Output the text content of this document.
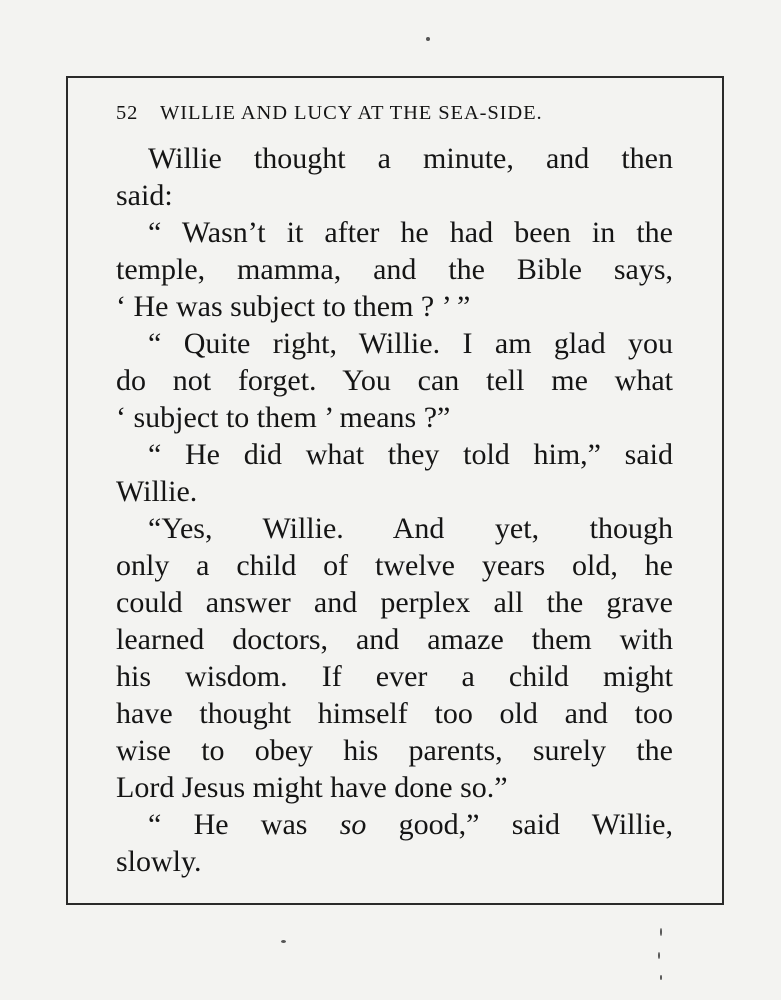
52 WILLIE AND LUCY AT THE SEA-SIDE.
Willie thought a minute, and then
said:
“ Wasn’t it after he had been in the
temple, mamma, and the Bible says,
‘ He was subject to them ? ’ ”
“ Quite right, Willie. I am glad you
do not forget. You can tell me what
‘ subject to them ’ means ?”
“ He did what they told him,” said
Willie.
“Yes, Willie. And yet, though
only a child of twelve years old, he
could answer and perplex all the grave
learned doctors, and amaze them with
his wisdom. If ever a child might
have thought himself too old and too
wise to obey his parents, surely the
Lord Jesus might have done so.”
“ He was so good,” said Willie,
slowly.
